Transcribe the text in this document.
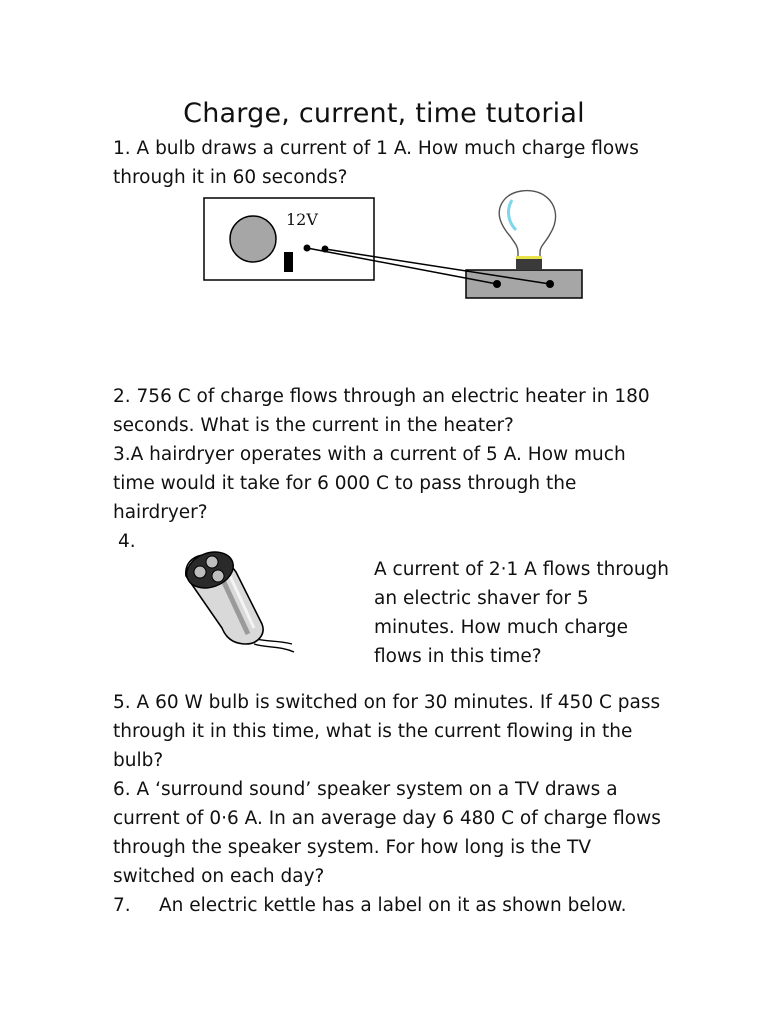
Charge, current, time tutorial

1. A bulb draws a current of 1 A. How much charge flows through it in 60 seconds?

12V

2. 756 C of charge flows through an electric heater in 180 seconds. What is the current in the heater?

3.A hairdryer operates with a current of 5 A. How much time would it take for 6 000 C to pass through the hairdryer?

4.

A current of 2·1 A flows through an electric shaver for 5 minutes. How much charge flows in this time?

5. A 60 W bulb is switched on for 30 minutes. If 450 C pass through it in this time, what is the current flowing in the bulb?

6. A ‘surround sound’ speaker system on a TV draws a current of 0·6 A. In an average day 6 480 C of charge flows through the speaker system. For how long is the TV switched on each day?

7. An electric kettle has a label on it as shown below.
